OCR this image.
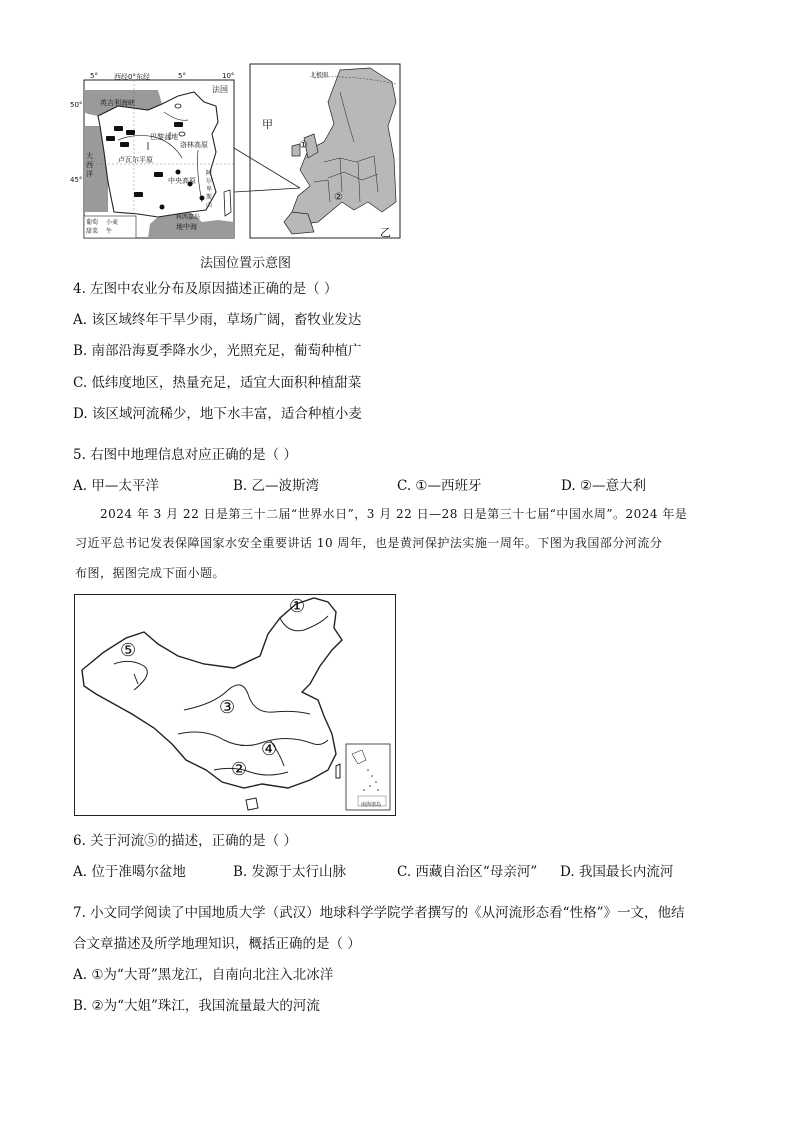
5° 西经0°东经	5°	10°
50°
45°
法国
英吉利海峡
巴黎盆地
洛林高原
卢瓦尔平原
大西洋
中央高原
阿尔卑斯山
地中海
科西嘉岛
葡萄 小麦
甜菜 牛
甲
乙
①
②
北极圈
法国位置示意图
4. 左图中农业分布及原因描述正确的是（ ）
A. 该区域终年干旱少雨，草场广阔，畜牧业发达
B. 南部沿海夏季降水少，光照充足，葡萄种植广
C. 低纬度地区，热量充足，适宜大面积种植甜菜
D. 该区域河流稀少，地下水丰富，适合种植小麦
5. 右图中地理信息对应正确的是（ ）
A. 甲—太平洋	B. 乙—波斯湾	C. ①—西班牙	D. ②—意大利
2024 年 3 月 22 日是第三十二届“世界水日”，3 月 22 日—28 日是第三十七届“中国水周”。2024 年是
习近平总书记发表保障国家水安全重要讲话 10 周年，也是黄河保护法实施一周年。下图为我国部分河流分
布图，据图完成下面小题。
①
②
③
④
⑤
南海诸岛
6. 关于河流⑤的描述，正确的是（ ）
A. 位于准噶尔盆地	B. 发源于太行山脉	C. 西藏自治区“母亲河” D. 我国最长内流河
7. 小文同学阅读了中国地质大学（武汉）地球科学学院学者撰写的《从河流形态看“性格”》一文，他结
合文章描述及所学地理知识，概括正确的是（ ）
A. ①为“大哥”黑龙江，自南向北注入北冰洋
B. ②为“大姐”珠江，我国流量最大的河流
